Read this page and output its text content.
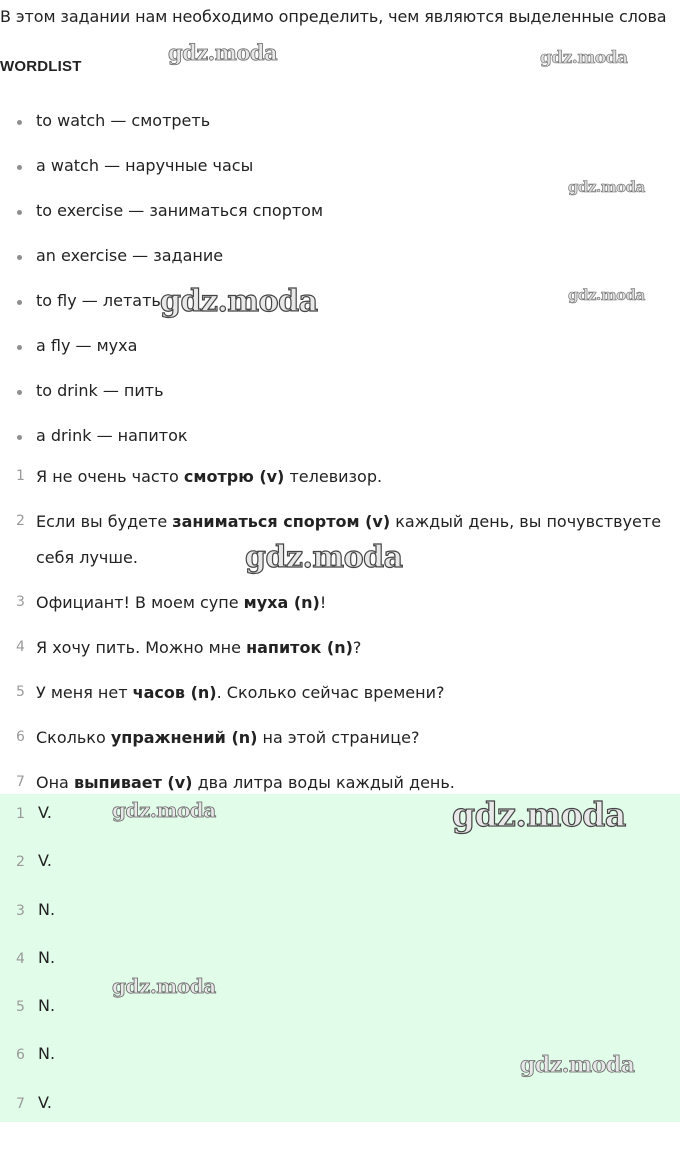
В этом задании нам необходимо определить, чем являются выделенные слова
WORDLIST
to watch — смотреть
a watch — наручные часы
to exercise — заниматься спортом
an exercise — задание
to fly — летать
a fly — муха
to drink — пить
a drink — напиток
1 Я не очень часто смотрю (v) телевизор.
2 Если вы будете заниматься спортом (v) каждый день, вы почувствуете себя лучше.
3 Официант! В моем супе муха (n)!
4 Я хочу пить. Можно мне напиток (n)?
5 У меня нет часов (n). Сколько сейчас времени?
6 Сколько упражнений (n) на этой странице?
7 Она выпивает (v) два литра воды каждый день.
1 V.
2 V.
3 N.
4 N.
5 N.
6 N.
7 V.
gdz.moda	gdz.moda
gdz.moda
gdz.moda	gdz.moda
gdz.moda
gdz.moda	gdz.moda
gdz.moda
gdz.moda
